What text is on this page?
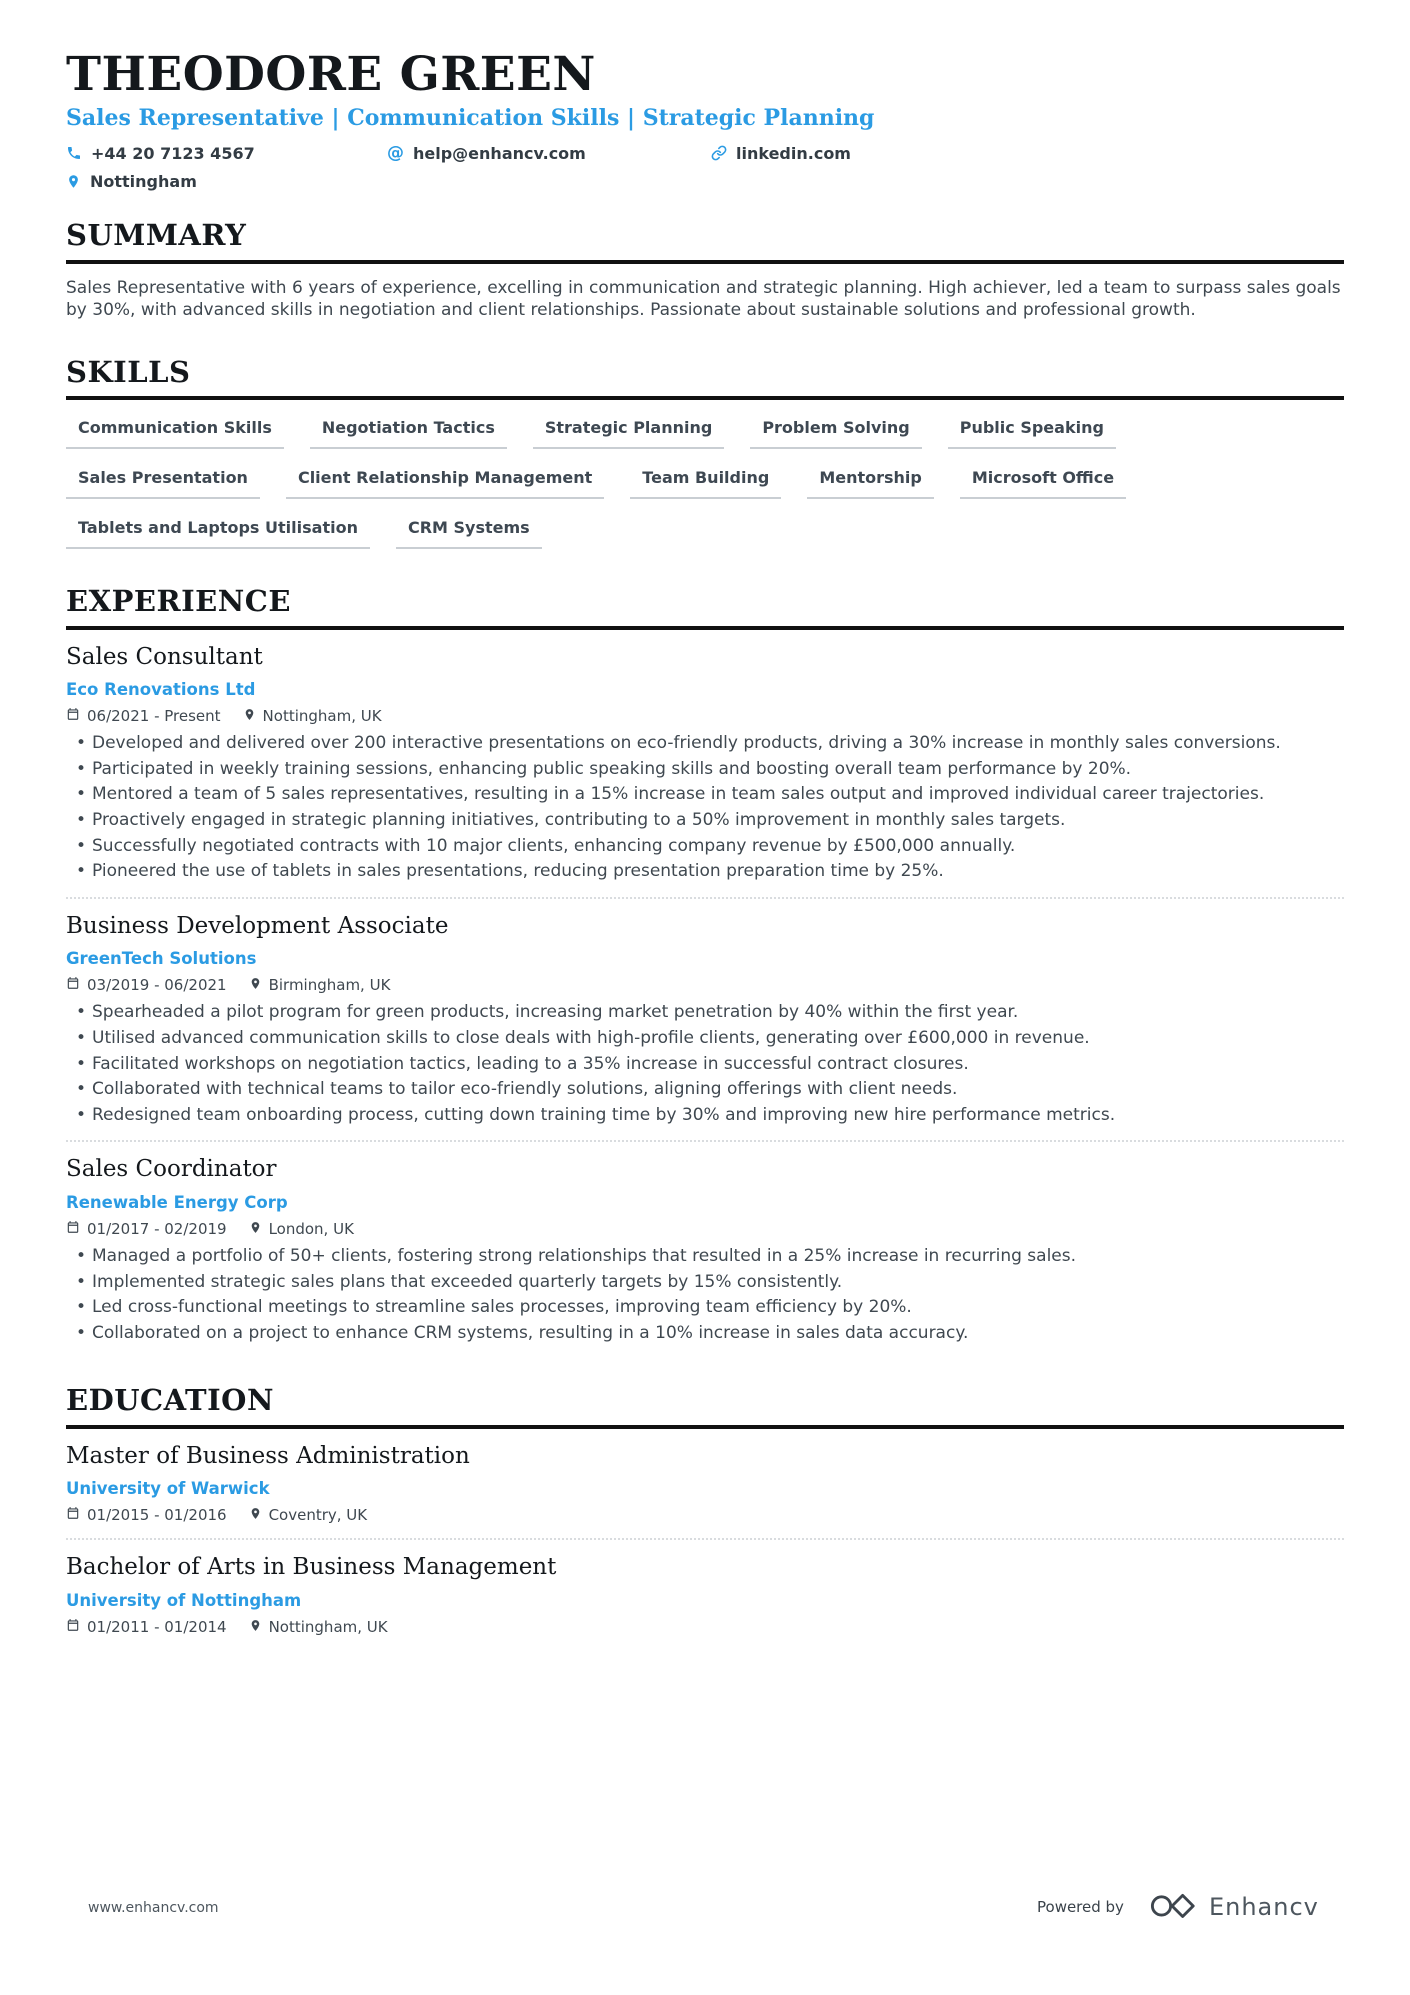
THEODORE GREEN
Sales Representative | Communication Skills | Strategic Planning
+44 20 7123 4567	@ help@enhancv.com	linkedin.com
Nottingham
SUMMARY

Sales Representative with 6 years of experience, excelling in communication and strategic planning. High achiever, led a team to surpass sales goals by 30%, with advanced skills in negotiation and client relationships. Passionate about sustainable solutions and professional growth.

SKILLS
Communication Skills	Negotiation Tactics	Strategic Planning	Problem Solving	Public Speaking
Sales Presentation	Client Relationship Management	Team Building	Mentorship	Microsoft Office
Tablets and Laptops Utilisation	CRM Systems
EXPERIENCE
Sales Consultant
Eco Renovations Ltd
06/2021 - Present	Nottingham, UK
• Developed and delivered over 200 interactive presentations on eco-friendly products, driving a 30% increase in monthly sales conversions.
• Participated in weekly training sessions, enhancing public speaking skills and boosting overall team performance by 20%.
• Mentored a team of 5 sales representatives, resulting in a 15% increase in team sales output and improved individual career trajectories.
• Proactively engaged in strategic planning initiatives, contributing to a 50% improvement in monthly sales targets.
• Successfully negotiated contracts with 10 major clients, enhancing company revenue by £500,000 annually.
• Pioneered the use of tablets in sales presentations, reducing presentation preparation time by 25%.
Business Development Associate
GreenTech Solutions
03/2019 - 06/2021	Birmingham, UK
• Spearheaded a pilot program for green products, increasing market penetration by 40% within the first year.
• Utilised advanced communication skills to close deals with high-profile clients, generating over £600,000 in revenue.
• Facilitated workshops on negotiation tactics, leading to a 35% increase in successful contract closures.
• Collaborated with technical teams to tailor eco-friendly solutions, aligning offerings with client needs.
• Redesigned team onboarding process, cutting down training time by 30% and improving new hire performance metrics.
Sales Coordinator
Renewable Energy Corp
01/2017 - 02/2019	London, UK
• Managed a portfolio of 50+ clients, fostering strong relationships that resulted in a 25% increase in recurring sales.
• Implemented strategic sales plans that exceeded quarterly targets by 15% consistently.
• Led cross-functional meetings to streamline sales processes, improving team efficiency by 20%.
• Collaborated on a project to enhance CRM systems, resulting in a 10% increase in sales data accuracy.
EDUCATION
Master of Business Administration
University of Warwick
01/2015 - 01/2016	Coventry, UK
Bachelor of Arts in Business Management
University of Nottingham
01/2011 - 01/2014	Nottingham, UK
www.enhancv.com	Powered by	Enhancv
